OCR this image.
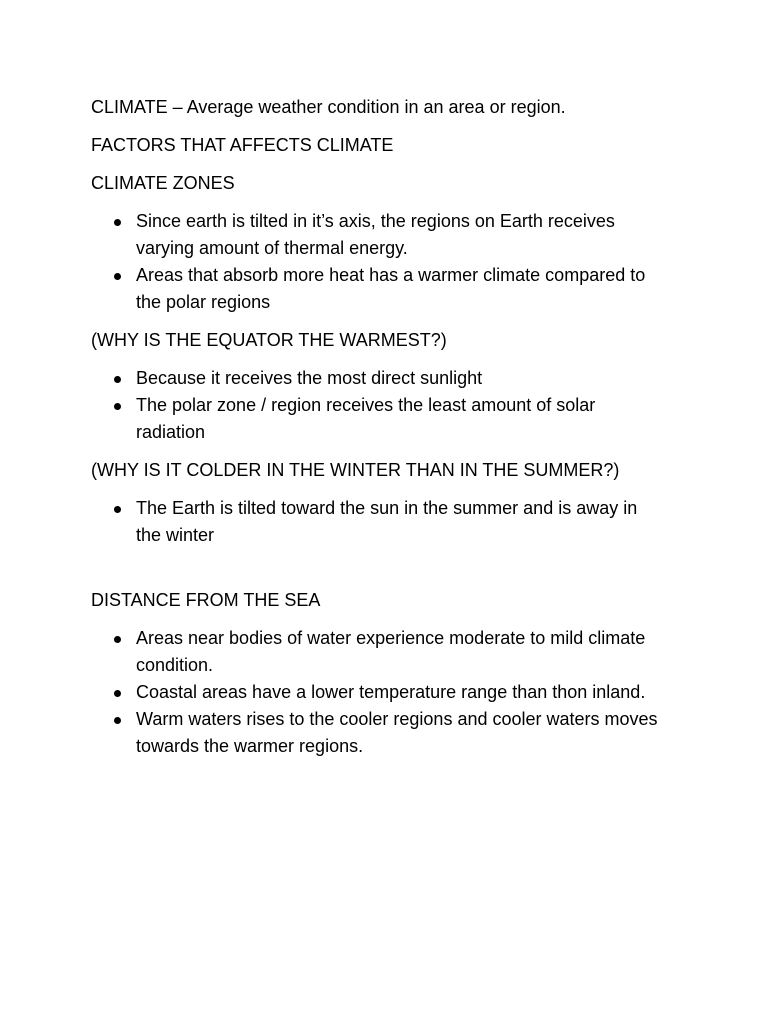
CLIMATE – Average weather condition in an area or region.

FACTORS THAT AFFECTS CLIMATE

CLIMATE ZONES

Since earth is tilted in it’s axis, the regions on Earth receives varying amount of thermal energy.
Areas that absorb more heat has a warmer climate compared to the polar regions

(WHY IS THE EQUATOR THE WARMEST?)

Because it receives the most direct sunlight
The polar zone / region receives the least amount of solar radiation

(WHY IS IT COLDER IN THE WINTER THAN IN THE SUMMER?)

The Earth is tilted toward the sun in the summer and is away in the winter

DISTANCE FROM THE SEA

Areas near bodies of water experience moderate to mild climate condition.
Coastal areas have a lower temperature range than thon inland.
Warm waters rises to the cooler regions and cooler waters moves towards the warmer regions.
